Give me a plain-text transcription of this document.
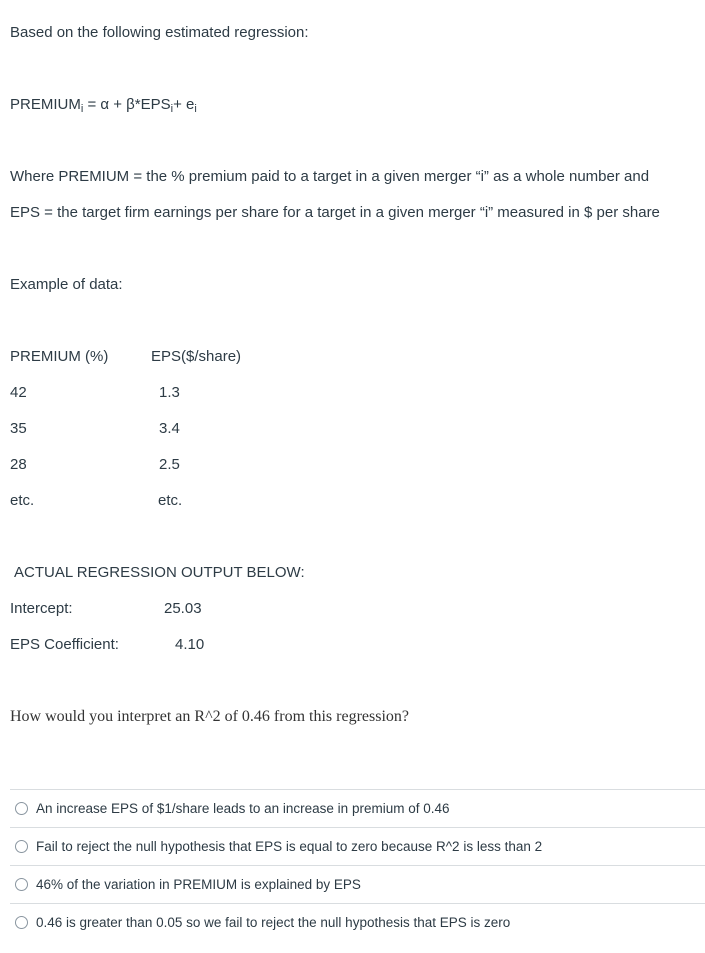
Based on the following estimated regression:
$PREMIUM_i = \alpha + \beta*EPS_i+ e_i$
Where PREMIUM = the % premium paid to a target in a given merger “i” as a whole number and
EPS = the target firm earnings per share for a target in a given merger “i” measured in $ per share
Example of data:
PREMIUM (%)	EPS($/share)
42	1.3
35	3.4
28	2.5
etc.	etc.
ACTUAL REGRESSION OUTPUT BELOW:
Intercept:	25.03
EPS Coefficient:	4.10
How would you interpret an R^2 of 0.46 from this regression?
An increase EPS of $1/share leads to an increase in premium of 0.46
Fail to reject the null hypothesis that EPS is equal to zero because R^2 is less than 2
46% of the variation in PREMIUM is explained by EPS
0.46 is greater than 0.05 so we fail to reject the null hypothesis that EPS is zero
